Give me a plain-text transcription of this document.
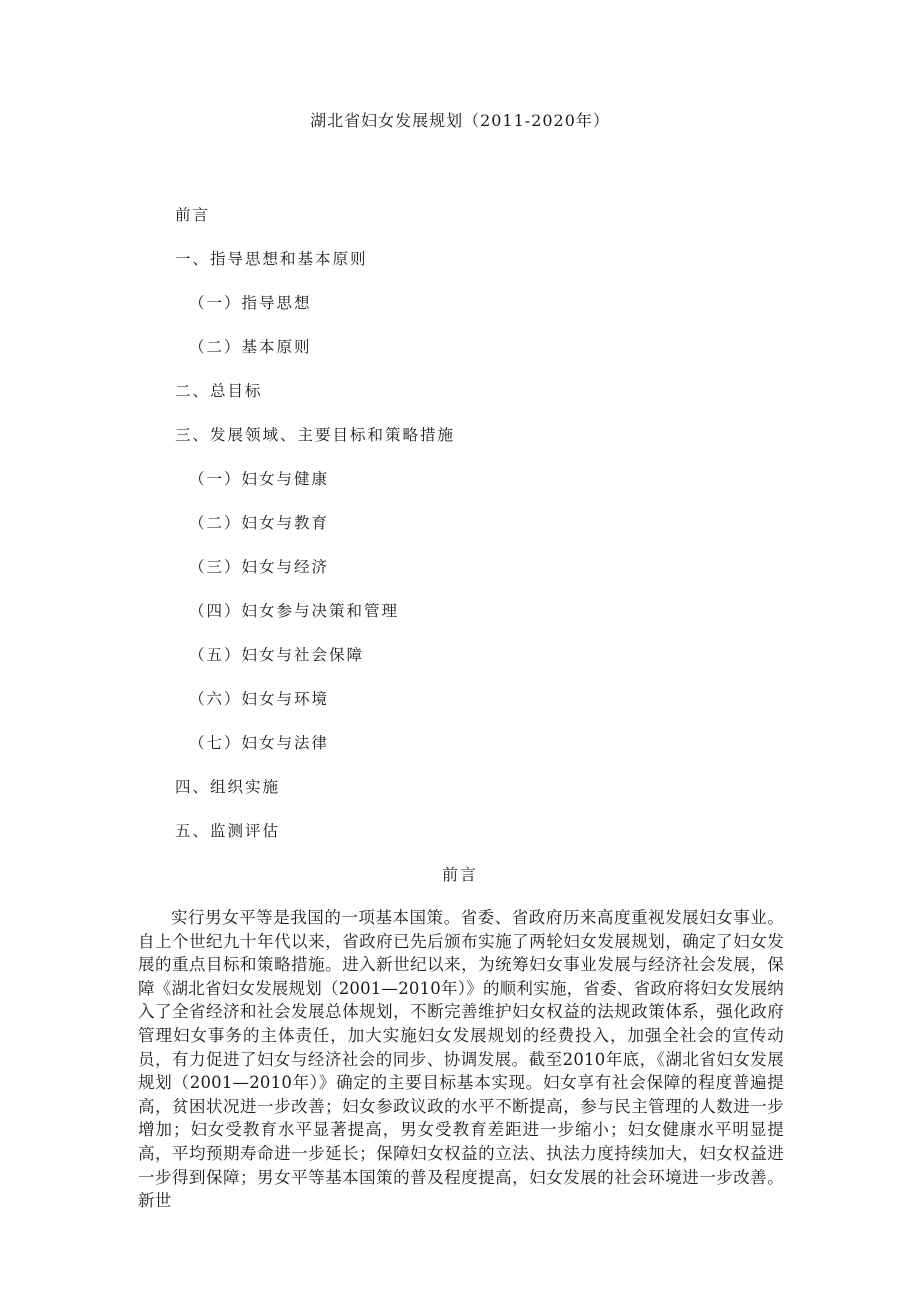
湖北省妇女发展规划（2011-2020年）
前言
一、指导思想和基本原则
（一）指导思想
（二）基本原则
二、总目标
三、发展领域、主要目标和策略措施
（一）妇女与健康
（二）妇女与教育
（三）妇女与经济
（四）妇女参与决策和管理
（五）妇女与社会保障
（六）妇女与环境
（七）妇女与法律
四、组织实施
五、监测评估
前言

实行男女平等是我国的一项基本国策。省委、省政府历来高度重视发展妇女事业。自上个世纪九十年代以来，省政府已先后颁布实施了两轮妇女发展规划，确定了妇女发展的重点目标和策略措施。进入新世纪以来，为统筹妇女事业发展与经济社会发展，保障《湖北省妇女发展规划（2001—2010年）》的顺利实施，省委、省政府将妇女发展纳入了全省经济和社会发展总体规划，不断完善维护妇女权益的法规政策体系，强化政府管理妇女事务的主体责任，加大实施妇女发展规划的经费投入，加强全社会的宣传动员，有力促进了妇女与经济社会的同步、协调发展。截至2010年底，《湖北省妇女发展规划（2001—2010年）》确定的主要目标基本实现。妇女享有社会保障的程度普遍提高，贫困状况进一步改善；妇女参政议政的水平不断提高，参与民主管理的人数进一步增加；妇女受教育水平显著提高，男女受教育差距进一步缩小；妇女健康水平明显提高，平均预期寿命进一步延长；保障妇女权益的立法、执法力度持续加大，妇女权益进一步得到保障；男女平等基本国策的普及程度提高，妇女发展的社会环境进一步改善。新世
